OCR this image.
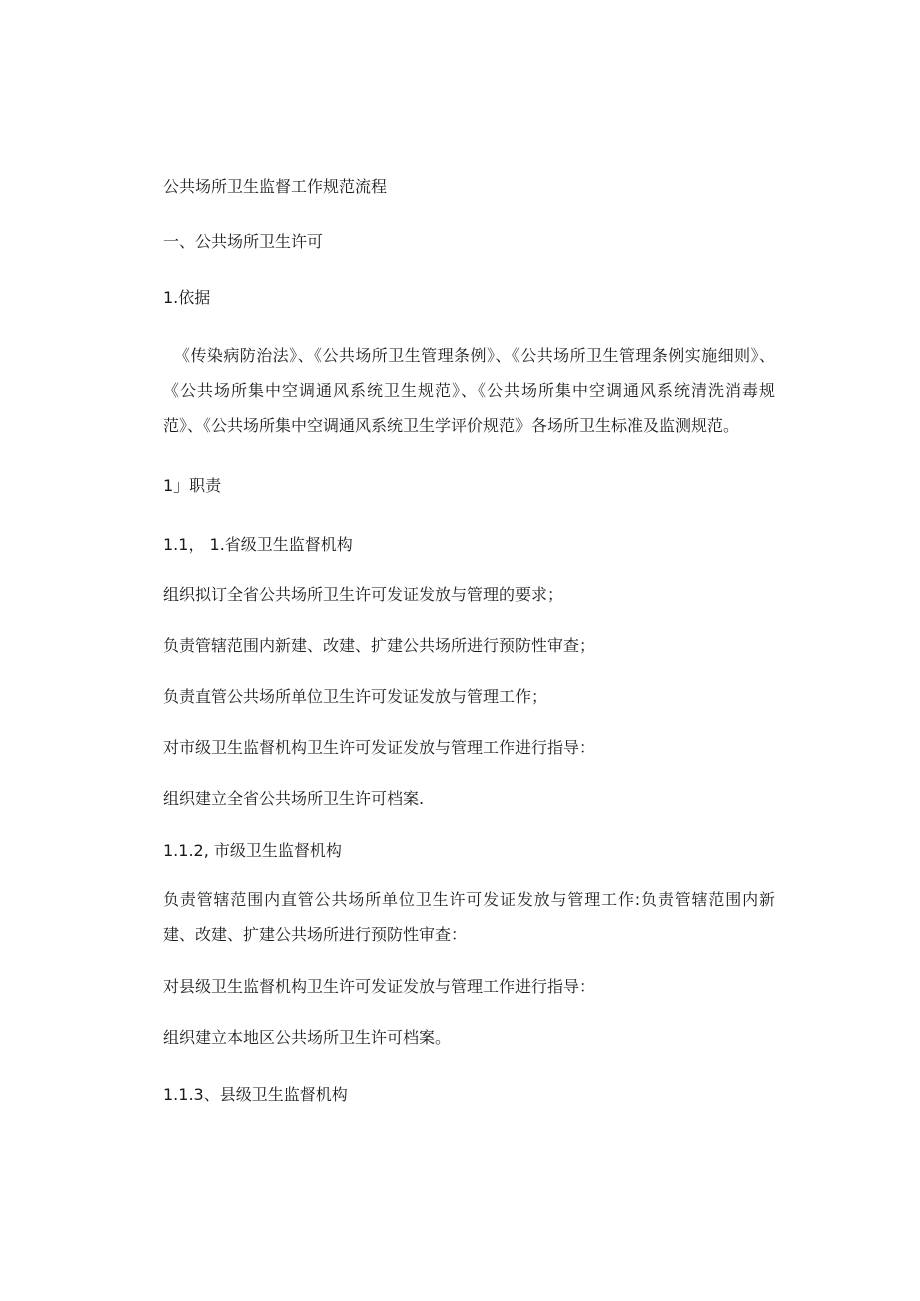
公共场所卫生监督工作规范流程
一、公共场所卫生许可
1.依据
《传染病防治法》、《公共场所卫生管理条例》、《公共场所卫生管理条例实施细则》、《公共场所集中空调通风系统卫生规范》、《公共场所集中空调通风系统清洗消毒规范》、《公共场所集中空调通风系统卫生学评价规范》各场所卫生标准及监测规范。
1」职责
1.1， 1.省级卫生监督机构
组织拟订全省公共场所卫生许可发证发放与管理的要求；
负责管辖范围内新建、改建、扩建公共场所进行预防性审查；
负责直管公共场所单位卫生许可发证发放与管理工作；
对市级卫生监督机构卫生许可发证发放与管理工作进行指导：
组织建立全省公共场所卫生许可档案.
1.1.2, 市级卫生监督机构
负责管辖范围内直管公共场所单位卫生许可发证发放与管理工作:负责管辖范围内新建、改建、扩建公共场所进行预防性审查：
对县级卫生监督机构卫生许可发证发放与管理工作进行指导：
组织建立本地区公共场所卫生许可档案。
1.1.3、县级卫生监督机构
